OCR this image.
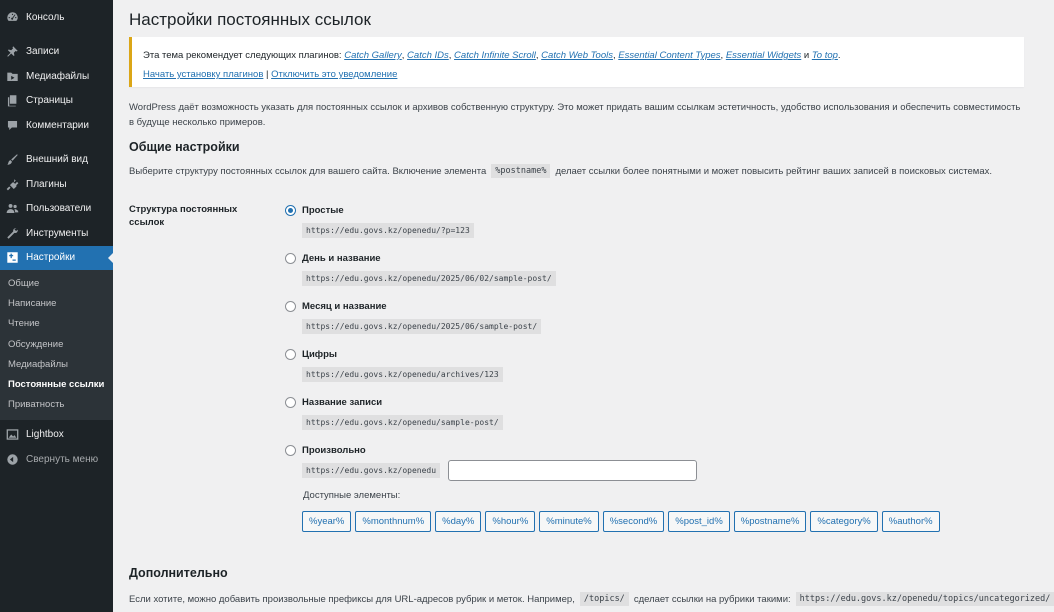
Консоль
Записи
Медиафайлы
Страницы
Комментарии
Внешний вид
Плагины
Пользователи
Инструменты
Настройки
Общие
Написание
Чтение
Обсуждение
Медиафайлы
Постоянные ссылки
Приватность
Lightbox
Свернуть меню
Настройки постоянных ссылок
Эта тема рекомендует следующих плагинов: Catch Gallery, Catch IDs, Catch Infinite Scroll, Catch Web Tools, Essential Content Types, Essential Widgets и To top.
Начать установку плагинов | Отключить это уведомление

WordPress даёт возможность указать для постоянных ссылок и архивов собственную структуру. Это может придать вашим ссылкам эстетичность, удобство использования и обеспечить совместимость в будуще несколько примеров.

Общие настройки

Выберите структуру постоянных ссылок для вашего сайта. Включение элемента	%postname% делает ссылки более понятными и может повысить рейтинг ваших записей в поисковых системах.

Структура постоянных ссылок
Простые
https://edu.govs.kz/openedu/?p=123
День и название
https://edu.govs.kz/openedu/2025/06/02/sample-post/
Месяц и название
https://edu.govs.kz/openedu/2025/06/sample-post/
Цифры
https://edu.govs.kz/openedu/archives/123
Название записи
https://edu.govs.kz/openedu/sample-post/
Произвольно
https://edu.govs.kz/openedu
Доступные элементы:
%year%	%monthnum%	%day%	%hour%	%minute%	%second%	%post_id%	%postname%	%category%	%author%
Дополнительно

Если хотите, можно добавить произвольные префиксы для URL-адресов рубрик и меток. Например,	/topics/ сделает ссылки на рубрики такими:	https://edu.govs.kz/openedu/topics/uncategorized/
